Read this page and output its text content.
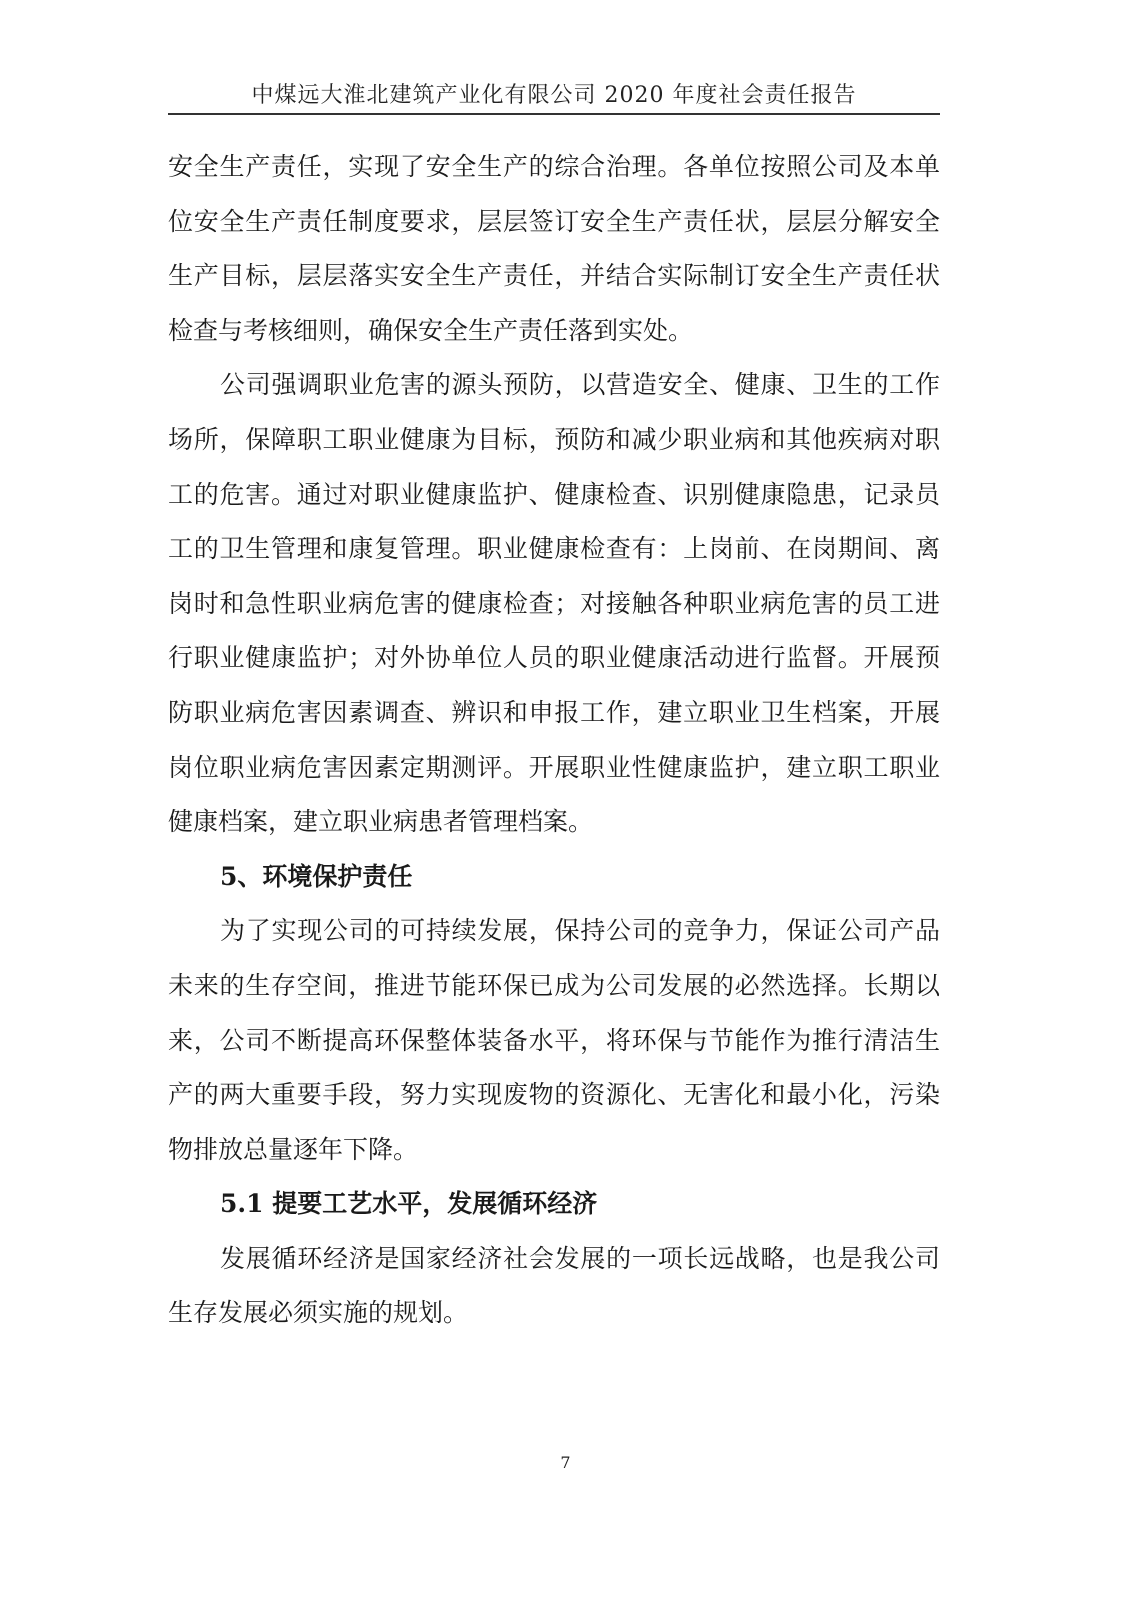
中煤远大淮北建筑产业化有限公司 2020 年度社会责任报告
安全生产责任，实现了安全生产的综合治理。各单位按照公司及本单
位安全生产责任制度要求，层层签订安全生产责任状，层层分解安全
生产目标，层层落实安全生产责任，并结合实际制订安全生产责任状
检查与考核细则，确保安全生产责任落到实处。
公司强调职业危害的源头预防，以营造安全、健康、卫生的工作
场所，保障职工职业健康为目标，预防和减少职业病和其他疾病对职
工的危害。通过对职业健康监护、健康检查、识别健康隐患，记录员
工的卫生管理和康复管理。职业健康检查有：上岗前、在岗期间、离
岗时和急性职业病危害的健康检查；对接触各种职业病危害的员工进
行职业健康监护；对外协单位人员的职业健康活动进行监督。开展预
防职业病危害因素调查、辨识和申报工作，建立职业卫生档案，开展
岗位职业病危害因素定期测评。开展职业性健康监护，建立职工职业
健康档案，建立职业病患者管理档案。
5、环境保护责任
为了实现公司的可持续发展，保持公司的竞争力，保证公司产品
未来的生存空间，推进节能环保已成为公司发展的必然选择。长期以
来，公司不断提高环保整体装备水平，将环保与节能作为推行清洁生
产的两大重要手段，努力实现废物的资源化、无害化和最小化，污染
物排放总量逐年下降。
5.1 提要工艺水平，发展循环经济
发展循环经济是国家经济社会发展的一项长远战略，也是我公司
生存发展必须实施的规划。
7
